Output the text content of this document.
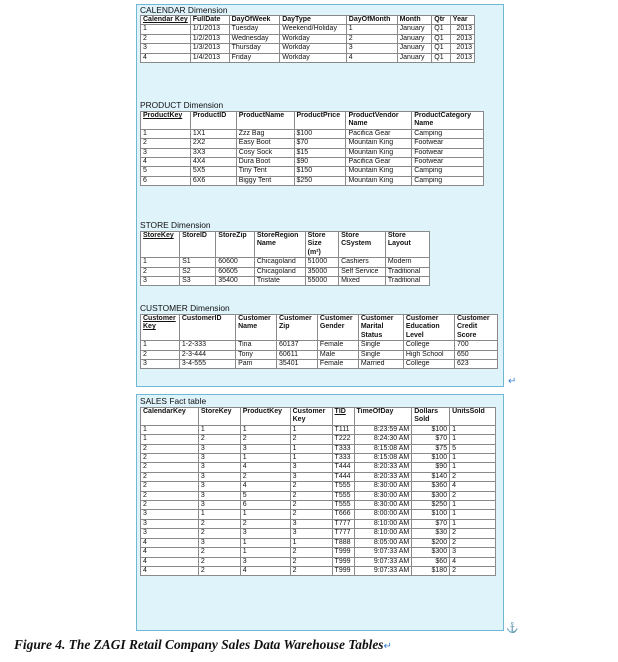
CALENDAR Dimension
Calendar Key	FullDate	DayOfWeek	DayType	DayOfMonth	Month	Qtr	Year
1	1/1/2013	Tuesday	Weekend/Holiday	1	January	Q1	2013
2	1/2/2013	Wednesday	Workday	2	January	Q1	2013
3	1/3/2013	Thursday	Workday	3	January	Q1	2013
4	1/4/2013	Friday	Workday	4	January	Q1	2013
PRODUCT Dimension
ProductKey	ProductID	ProductName	ProductPrice	ProductVendor Name	ProductCategory Name
1	1X1	Zzz Bag	$100	Pacifica Gear	Camping
2	2X2	Easy Boot	$70	Mountain King	Footwear
3	3X3	Cosy Sock	$15	Mountain King	Footwear
4	4X4	Dura Boot	$90	Pacifica Gear	Footwear
5	5X5	Tiny Tent	$150	Mountain King	Camping
6	6X6	Biggy Tent	$250	Mountain King	Camping
STORE Dimension
StoreKey	StoreID	StoreZip	StoreRegion Name	Store Size (m²)	Store CSystem	Store Layout
1	S1	60600	Chicagoland	51000	Cashiers	Modern
2	S2	60605	Chicagoland	35000	Self Service	Traditional
3	S3	35400	Tristate	55000	Mixed	Traditional
CUSTOMER Dimension
Customer Key	CustomerID	Customer Name	Customer Zip	Customer Gender	Customer Marital Status	Customer Education Level	Customer Credit Score
1	1-2-333	Tina	60137	Female	Single	College	700
2	2-3-444	Tony	60611	Male	Single	High School	650
3	3-4-555	Pam	35401	Female	Married	College	623
↵
SALES Fact table
CalendarKey	StoreKey	ProductKey	Customer Key	TID	TimeOfDay	Dollars Sold	UnitsSold
1	1	1	1	T111	8:23:59 AM	$100	1
1	2	2	2	T222	8:24:30 AM	$70	1
2	3	3	1	T333	8:15:08 AM	$75	5
2	3	1	1	T333	8:15:08 AM	$100	1
2	3	4	3	T444	8:20:33 AM	$90	1
2	3	2	3	T444	8:20:33 AM	$140	2
2	3	4	2	T555	8:30:00 AM	$360	4
2	3	5	2	T555	8:30:00 AM	$300	2
2	3	6	2	T555	8:30:00 AM	$250	1
3	1	1	2	T666	8:00:00 AM	$100	1
3	2	2	3	T777	8:10:00 AM	$70	1
3	2	3	3	T777	8:10:00 AM	$30	2
4	3	1	1	T888	8:05:00 AM	$200	2
4	2	1	2	T999	9:07:33 AM	$300	3
4	2	3	2	T999	9:07:33 AM	$60	4
4	2	4	2	T999	9:07:33 AM	$180	2
⚓
Figure 4. The ZAGI Retail Company Sales Data Warehouse Tables↵
